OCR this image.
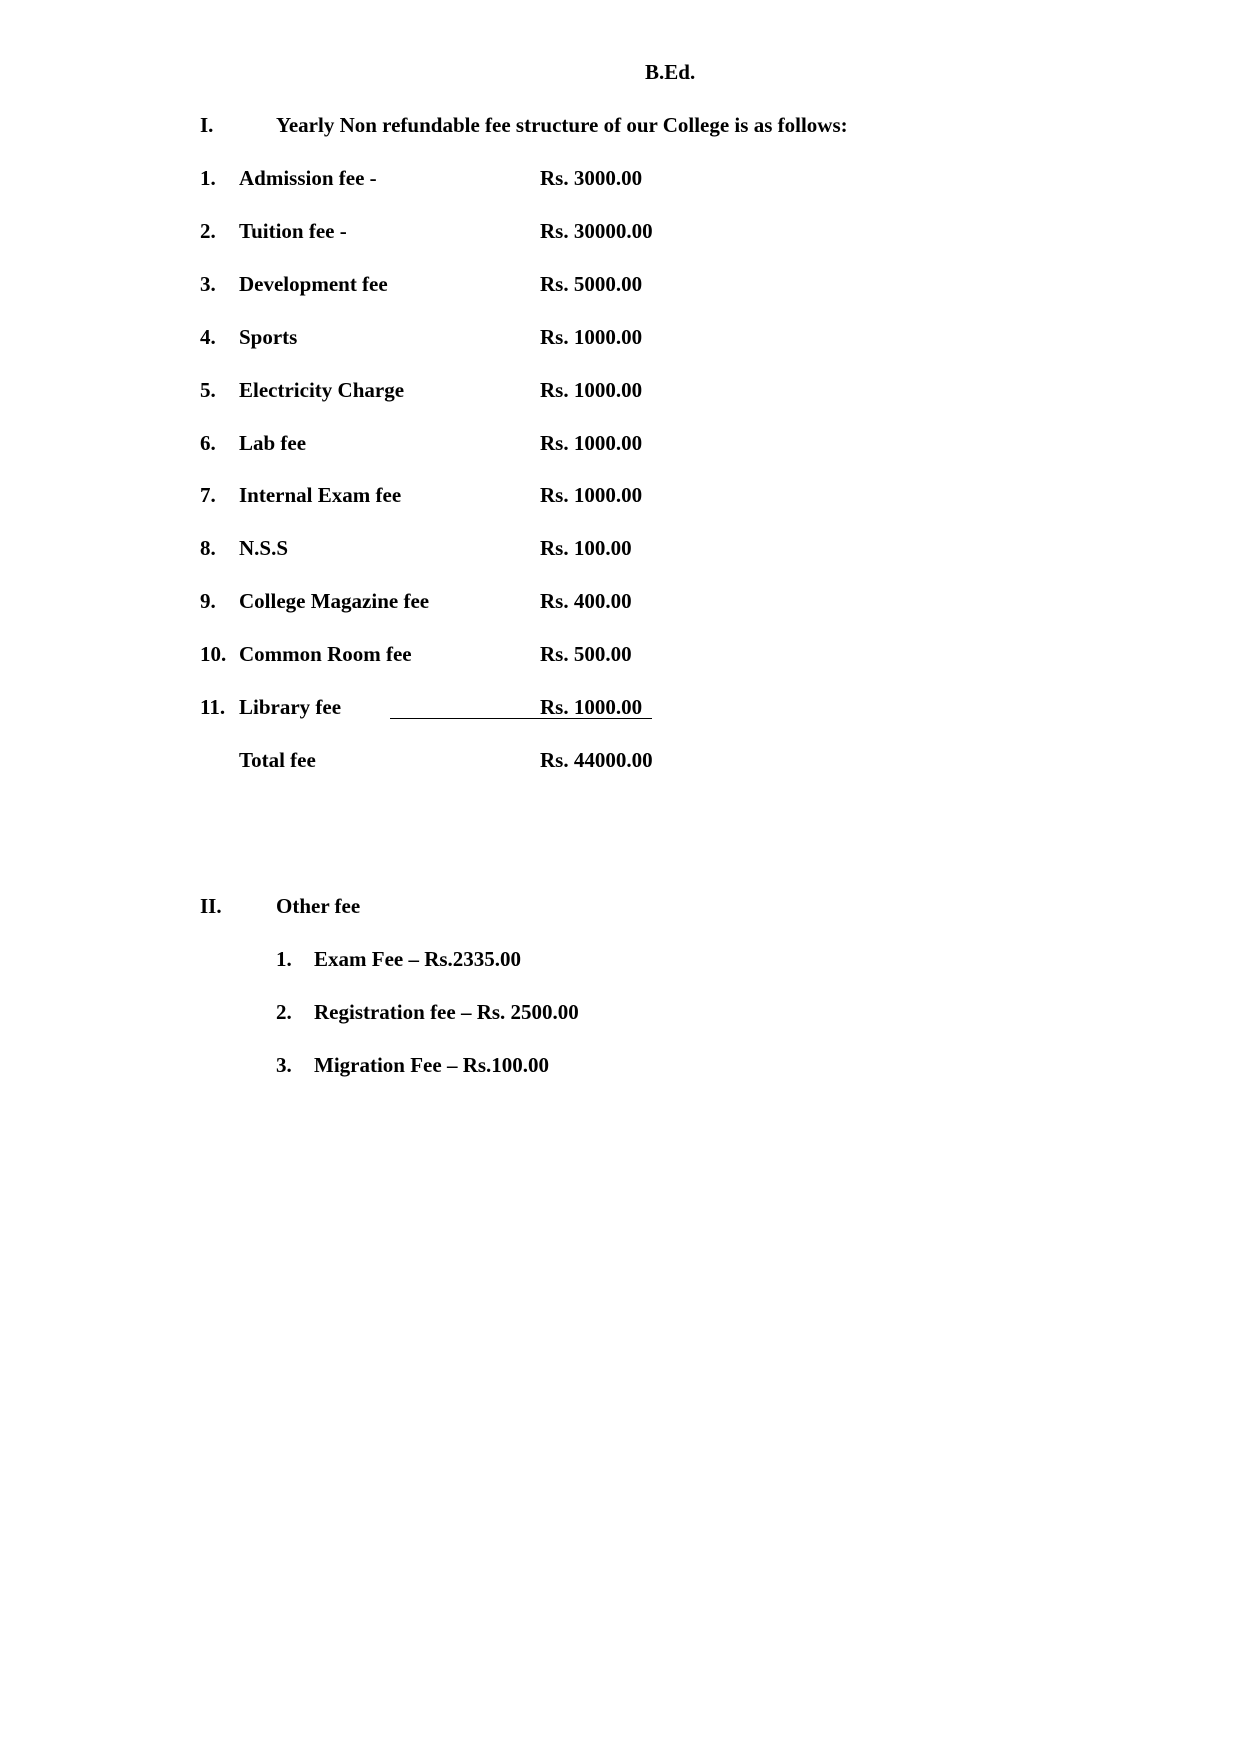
B.Ed.
I.	Yearly Non refundable fee structure of our College is as follows:
1. Admission fee -	Rs. 3000.00
2. Tuition fee -	Rs. 30000.00
3. Development fee	Rs. 5000.00
4. Sports	Rs. 1000.00
5. Electricity Charge	Rs. 1000.00
6. Lab fee	Rs. 1000.00
7. Internal Exam fee	Rs. 1000.00
8. N.S.S	Rs. 100.00
9. College Magazine fee	Rs. 400.00
10. Common Room fee	Rs. 500.00
11. Library fee	Rs. 1000.00
Total fee	Rs. 44000.00
II.	Other fee
1. Exam Fee – Rs.2335.00
2. Registration fee – Rs. 2500.00
3. Migration Fee – Rs.100.00
